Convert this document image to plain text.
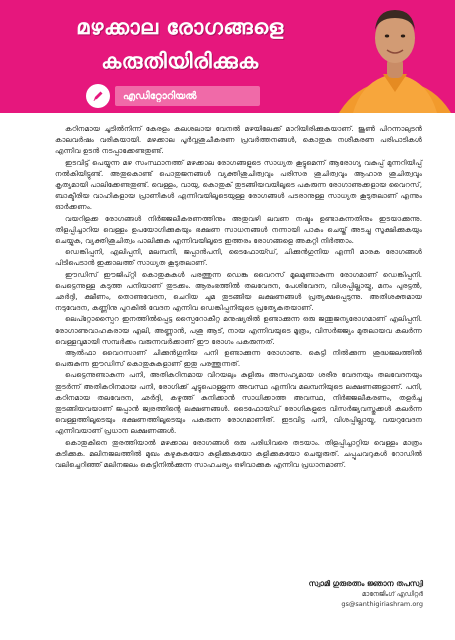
മഴക്കാല രോഗങ്ങളെ
കരുതിയിരിക്കുക
എഡിറ്റോറിയൽ

കഠിനമായ ചൂടിൽനിന്ന് കേരളം കലശലായ വേനൽ മഴയിലേക്ക് മാറിയിരിക്കുകയാണ്. ജൂൺ പിറന്നാലുടൻ കാലവർഷം വരികയായി. മഴക്കാല പൂർവ്വശുചീകരണ പ്രവർത്തനങ്ങൾ, കൊതുകു നശീകരണ പരിപാടികൾ എന്നിവ ഉടൻ നടപ്പാക്കേണ്ടതുണ്ട്.

ഇടവിട്ട് പെയ്യുന്ന മഴ സംസ്ഥാനത്ത് മഴക്കാല രോഗങ്ങളുടെ സാധ്യത കൂട്ടുമെന്ന് ആരോഗ്യ വകുപ്പ് മുന്നറിയിപ്പ് നൽകിയിട്ടുണ്ട്. അതുകൊണ്ട് പൊതുജനങ്ങൾ വ്യക്തിശുചിത്വവും പരിസര ശുചിത്വവും ആഹാര ശുചിത്വവും കൃത്യമായി പാലിക്കേണ്ടതുണ്ട്. വെള്ളം, വായു, കൊതുക് തുടങ്ങിയവയിലൂടെ പകരുന്ന രോഗാണുക്കളായ വൈറസ്, ബാക്ടീരിയ വാഹികളായ പ്രാണികൾ എന്നിവയിലൂടെയുള്ള രോഗങ്ങൾ പടരാനുള്ള സാധ്യത കൂടുതലാണ് എന്നും ഓർക്കണം.

വയറിളക്ക രോഗങ്ങൾ നിർജ്ജലീകരണത്തിനും അതുവഴി ലവണ നഷ്ടം ഉണ്ടാകുന്നതിനും ഇടയാക്കുന്നു. തിളപ്പിച്ചാറിയ വെള്ളം ഉപയോഗിക്കുകയും ഭക്ഷണ സാധനങ്ങൾ നന്നായി പാകം ചെയ്ത് അടച്ചു സൂക്ഷിക്കുകയും ചെയ്യുക, വ്യക്തിശുചിത്വം പാലിക്കുക എന്നിവയിലൂടെ ഇത്തരം രോഗങ്ങളെ അകറ്റി നിർത്താം.

ഡെങ്കിപ്പനി, എലിപ്പനി, മലമ്പനി, ജപ്പാൻപനി, ടൈഫോയ്ഡ്, ചിക്കുൻഗുനിയ എന്നീ മാരക രോഗങ്ങൾ പിടിപെടാൻ ഇക്കാലത്ത് സാധ്യത കൂടുതലാണ്.

ഈഡിസ് ഈജിപ്റ്റി കൊതുകുകൾ പരത്തുന്ന ഡെങ്കു വൈറസ് മൂലമുണ്ടാകുന്ന രോഗമാണ് ഡെങ്കിപ്പനി. പെട്ടെന്നുള്ള കടുത്ത പനിയാണ് തുടക്കം. ആരംഭത്തിൽ തലവേദന, പേശിവേദന, വിശപ്പില്ലായ്മ, മനം പുരട്ടൽ, ഛർദ്ദി, ക്ഷീണം, തൊണ്ടവേദന, ചെറിയ ചുമ തുടങ്ങിയ ലക്ഷണങ്ങൾ പ്രത്യക്ഷപ്പെടുന്നു. അതിശക്തമായ നടുവേദന, കണ്ണിനു പുറകിൽ വേദന എന്നിവ ഡെങ്കിപ്പനിയുടെ പ്രത്യേകതയാണ്.

ലെപ്റ്റോസ്പൈറ ഇനത്തിൽപ്പെട്ട സ്പൈറോകീറ്റ മനുഷ്യരിൽ ഉണ്ടാക്കുന്ന ഒരു ജന്തുജന്യരോഗമാണ് എലിപ്പനി. രോഗാണുവാഹകരായ എലി, അണ്ണാൻ, പശു ആട്, നായ എന്നിവയുടെ മൂത്രം, വിസർജ്ജ്യം മുതലായവ കലർന്ന വെള്ളവുമായി സമ്പർക്കം വരുന്നവർക്കാണ് ഈ രോഗം പകരുന്നത്.

ആൽഫാ വൈറസാണ് ചിക്കുൻഗുനിയ പനി ഉണ്ടാക്കുന്ന രോഗാണു. കെട്ടി നിൽക്കുന്ന ശുദ്ധജലത്തിൽ പെരുകുന്ന ഈഡിസ് കൊതുകുകളാണ് ഇതു പരത്തുന്നത്.

പെട്ടെന്നുണ്ടാകുന്ന പനി, അതികഠിനമായ വിറയലും കുളിരും അസഹ്യമായ ശരീര വേദനയും തലവേദനയും തുടർന്ന് അതികഠിനമായ പനി, രോഗിക്ക് ചുട്ടുപൊള്ളുന്ന അവസ്ഥ എന്നിവ മലമ്പനിയുടെ ലക്ഷണങ്ങളാണ്. പനി, കഠിനമായ തലവേദന, ഛർദ്ദി, കഴുത്ത് കുനിക്കാൻ സാധിക്കാത്ത അവസ്ഥ, നിർജ്ജലീകരണം, തളർച്ച തുടങ്ങിയവയാണ് ജപ്പാൻ ജ്വരത്തിന്റെ ലക്ഷണങ്ങൾ. ടൈഫോയ്ഡ് രോഗികളുടെ വിസർജ്യവസ്തുക്കൾ കലർന്ന വെള്ളത്തിലൂടെയും ഭക്ഷണത്തിലൂടെയും പകരുന്ന രോഗമാണിത്. ഇടവിട്ട പനി, വിശപ്പില്ലായ്മ, വയറുവേദന എന്നിവയാണ് പ്രധാന ലക്ഷണങ്ങൾ.

കൊതുകിനെ തുരത്തിയാൽ മഴക്കാല രോഗങ്ങൾ ഒരു പരിധിവരെ തടയാം. തിളപ്പിച്ചാറ്റിയ വെള്ളം മാത്രം കുടിക്കുക. മലിനജലത്തിൽ മുഖം കഴുകുകയോ കുളിക്കുകയോ കളിക്കുകയോ ചെയ്യരുത്. ചപ്പുചവറുകൾ റോഡിൽ വലിച്ചെറിഞ്ഞ് മലിനജലം കെട്ടിനിൽക്കുന്ന സാഹചര്യം ഒഴിവാക്കുക എന്നിവ പ്രധാനമാണ്.

സ്വാമി ഗുരുരത്നം ജ്ഞാന തപസ്വി
മാനേജിംഗ് എഡിറ്റർ
gs@santhigiriashram.org
